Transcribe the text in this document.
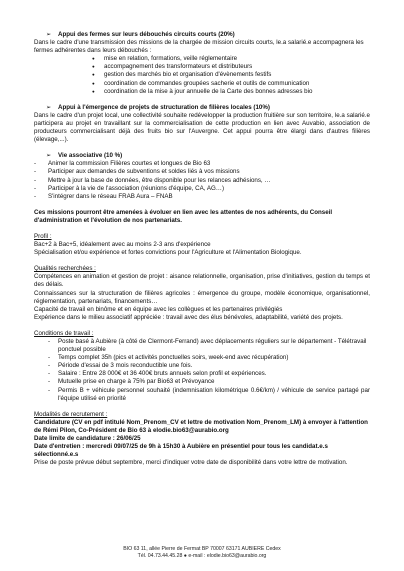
➢ Appui des fermes sur leurs débouchés circuits courts (20%)

Dans le cadre d'une transmission des missions de la chargée de mission circuits courts, le.a salarié.e accompagnera les fermes adhérentes dans leurs débouchés :

● mise en relation, formations, veille réglementaire
● accompagnement des transformateurs et distributeurs
● gestion des marchés bio et organisation d'évènements festifs
● coordination de commandes groupées sacherie et outils de communication
● coordination de la mise à jour annuelle de la Carte des bonnes adresses bio
➢ Appui à l'émergence de projets de structuration de filières locales (10%)

Dans le cadre d'un projet local, une collectivité souhaite redévelopper la production fruitière sur son territoire, le.a salarié.e participera au projet en travaillant sur la commercialisation de cette production en lien avec Auvabio, association de producteurs commercialisant déjà des fruits bio sur l'Auvergne. Cet appui pourra être élargi dans d'autres filières (élevage,...).

➢ Vie associative (10 %)
- Animer la commission Filières courtes et longues de Bio 63
- Participer aux demandes de subventions et soldes liés à vos missions
- Mettre à jour la base de données, être disponible pour les relances adhésions, …
- Participer à la vie de l'association (réunions d'équipe, CA, AG…)
- S'intégrer dans le réseau FRAB Aura – FNAB

Ces missions pourront être amenées à évoluer en lien avec les attentes de nos adhérents, du Conseil d'administration et l'évolution de nos partenariats.

Profil :

Bac+2 à Bac+5, idéalement avec au moins 2-3 ans d'expérience

Spécialisation et/ou expérience et fortes convictions pour l'Agriculture et l'Alimentation Biologique.

Qualités recherchées :

Compétences en animation et gestion de projet : aisance relationnelle, organisation, prise d'initiatives, gestion du temps et des délais.

Connaissances sur la structuration de filières agricoles : émergence du groupe, modèle économique, organisationnel, réglementation, partenariats, financements…

Capacité de travail en binôme et en équipe avec les collègues et les partenaires privilégiés

Expérience dans le milieu associatif appréciée : travail avec des élus bénévoles, adaptabilité, variété des projets.

Conditions de travail :

- Poste basé à Aubière (à côté de Clermont-Ferrand) avec déplacements réguliers sur le département - Télétravail ponctuel possible
- Temps complet 35h (pics et activités ponctuelles soirs, week-end avec récupération)
- Période d'essai de 3 mois reconductible une fois.
- Salaire : Entre 28 000€ et 36 400€ bruts annuels selon profil et expériences.
- Mutuelle prise en charge à 75% par Bio63 et Prévoyance
- Permis B + véhicule personnel souhaité (indemnisation kilométrique 0.6€/km) / véhicule de service partagé par l'équipe utilisé en priorité

Modalités de recrutement :

Candidature (CV en pdf intitulé Nom_Prenom_CV et lettre de motivation Nom_Prenom_LM) à envoyer à l'attention de Rémi Pilon, Co-Président de Bio 63 à elodie.bio63@aurabio.org

Date limite de candidature : 26/06/25

Date d'entretien : mercredi 09/07/25 de 9h à 15h30 à Aubière en présentiel pour tous les candidat.e.s sélectionné.e.s

Prise de poste prévue début septembre, merci d'indiquer votre date de disponibilité dans votre lettre de motivation.

BIO 63 11, allée Pierre de Fermat BP 70007 63171 AUBIERE Cedex
Tél. 04.73.44.45.28 ● e-mail : elodie.bio63@aurabio.org
